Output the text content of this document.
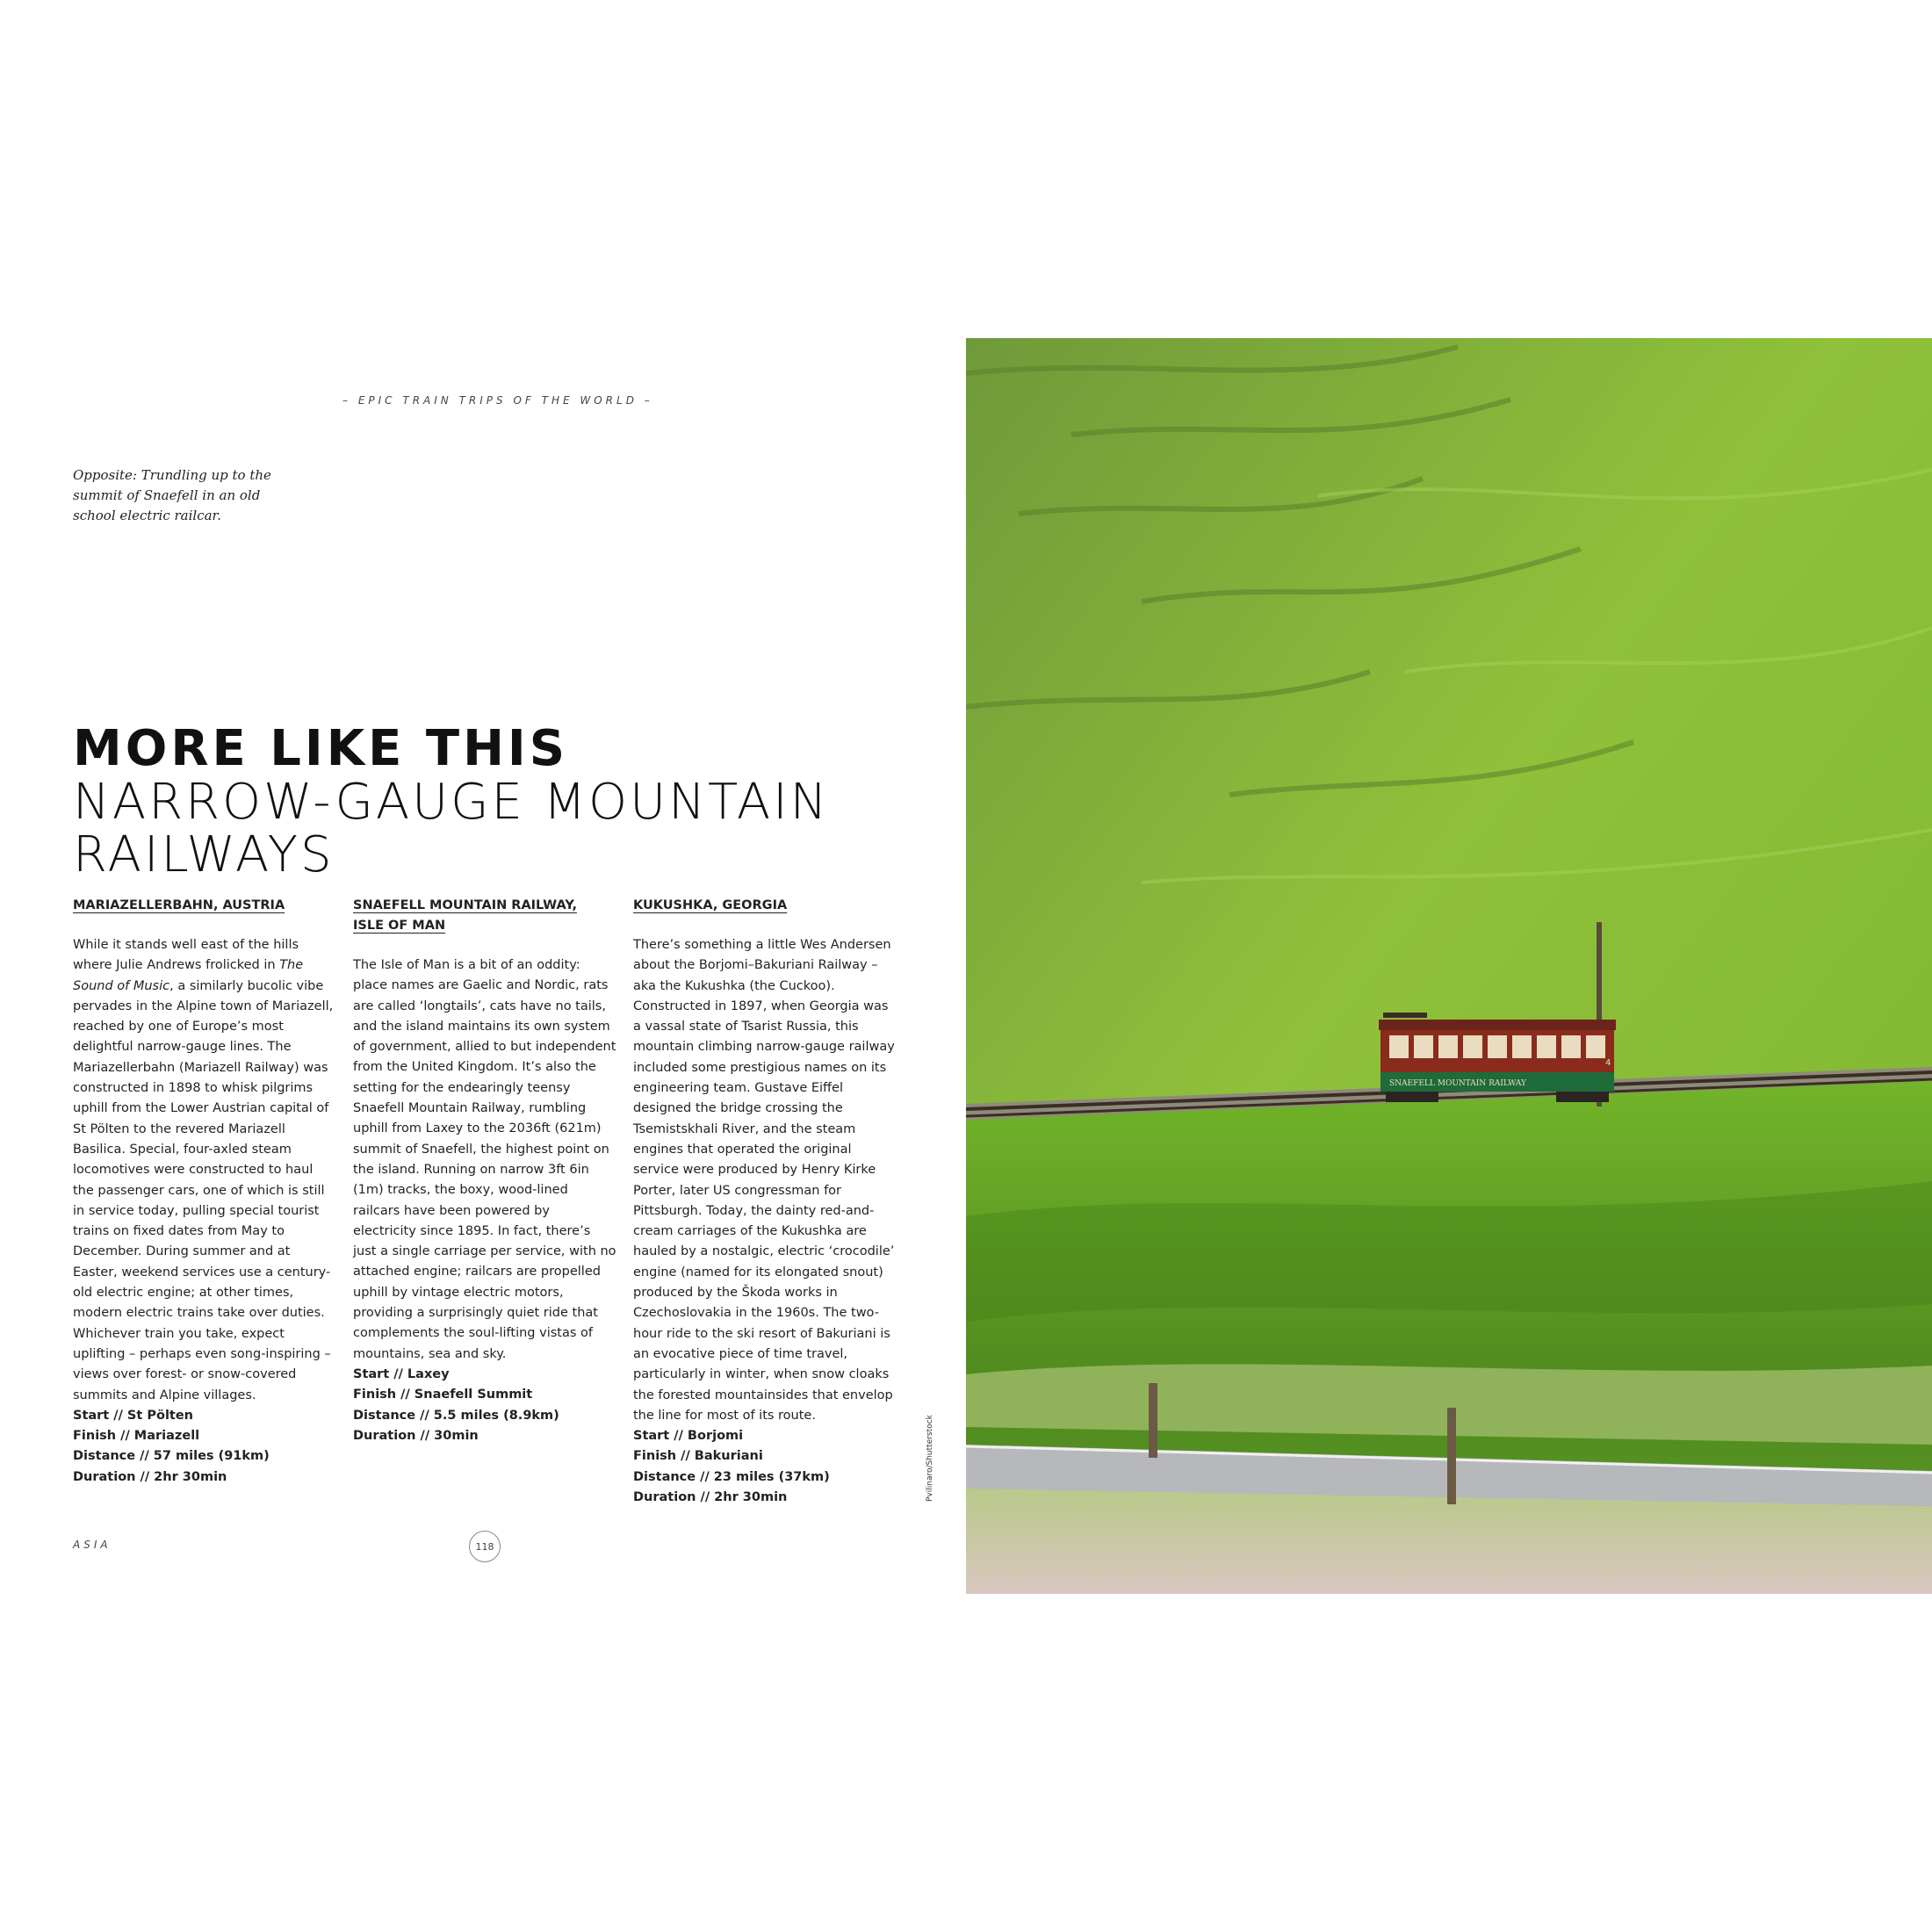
– EPIC TRAIN TRIPS OF THE WORLD –
Opposite: Trundling up to the summit of Snaefell in an old school electric railcar.
MORE LIKE THIS
NARROW-GAUGE MOUNTAIN
RAILWAYS

MARIAZELLERBAHN, AUSTRIA

While it stands well east of the hills where Julie Andrews frolicked in The Sound of Music, a similarly bucolic vibe pervades in the Alpine town of Mariazell, reached by one of Europe’s most delightful narrow-gauge lines. The Mariazellerbahn (Mariazell Railway) was constructed in 1898 to whisk pilgrims uphill from the Lower Austrian capital of St Pölten to the revered Mariazell Basilica. Special, four-axled steam locomotives were constructed to haul the passenger cars, one of which is still in service today, pulling special tourist trains on fixed dates from May to December. During summer and at Easter, weekend services use a century-old electric engine; at other times, modern electric trains take over duties. Whichever train you take, expect uplifting – perhaps even song-inspiring – views over forest- or snow-covered summits and Alpine villages.

Start // St Pölten
Finish // Mariazell
Distance // 57 miles (91km)
Duration // 2hr 30min

SNAEFELL MOUNTAIN RAILWAY,
ISLE OF MAN

The Isle of Man is a bit of an oddity: place names are Gaelic and Nordic, rats are called ‘longtails’, cats have no tails, and the island maintains its own system of government, allied to but independent from the United Kingdom. It’s also the setting for the endearingly teensy Snaefell Mountain Railway, rumbling uphill from Laxey to the 2036ft (621m) summit of Snaefell, the highest point on the island. Running on narrow 3ft 6in (1m) tracks, the boxy, wood-lined railcars have been powered by electricity since 1895. In fact, there’s just a single carriage per service, with no attached engine; railcars are propelled uphill by vintage electric motors, providing a surprisingly quiet ride that complements the soul-lifting vistas of mountains, sea and sky.

Start // Laxey
Finish // Snaefell Summit
Distance // 5.5 miles (8.9km)
Duration // 30min

KUKUSHKA, GEORGIA

There’s something a little Wes Andersen about the Borjomi–Bakuriani Railway – aka the Kukushka (the Cuckoo). Constructed in 1897, when Georgia was a vassal state of Tsarist Russia, this mountain climbing narrow-gauge railway included some prestigious names on its engineering team. Gustave Eiffel designed the bridge crossing the Tsemistskhali River, and the steam engines that operated the original service were produced by Henry Kirke Porter, later US congressman for Pittsburgh. Today, the dainty red-and-cream carriages of the Kukushka are hauled by a nostalgic, electric ‘crocodile’ engine (named for its elongated snout) produced by the Škoda works in Czechoslovakia in the 1960s. The two-hour ride to the ski resort of Bakuriani is an evocative piece of time travel, particularly in winter, when snow cloaks the forested mountainsides that envelop the line for most of its route.

Start // Borjomi
Finish // Bakuriani
Distance // 23 miles (37km)
Duration // 2hr 30min
ASIA	118
Pvilinaro/Shutterstock
SNAEFELL MOUNTAIN RAILWAY
4
